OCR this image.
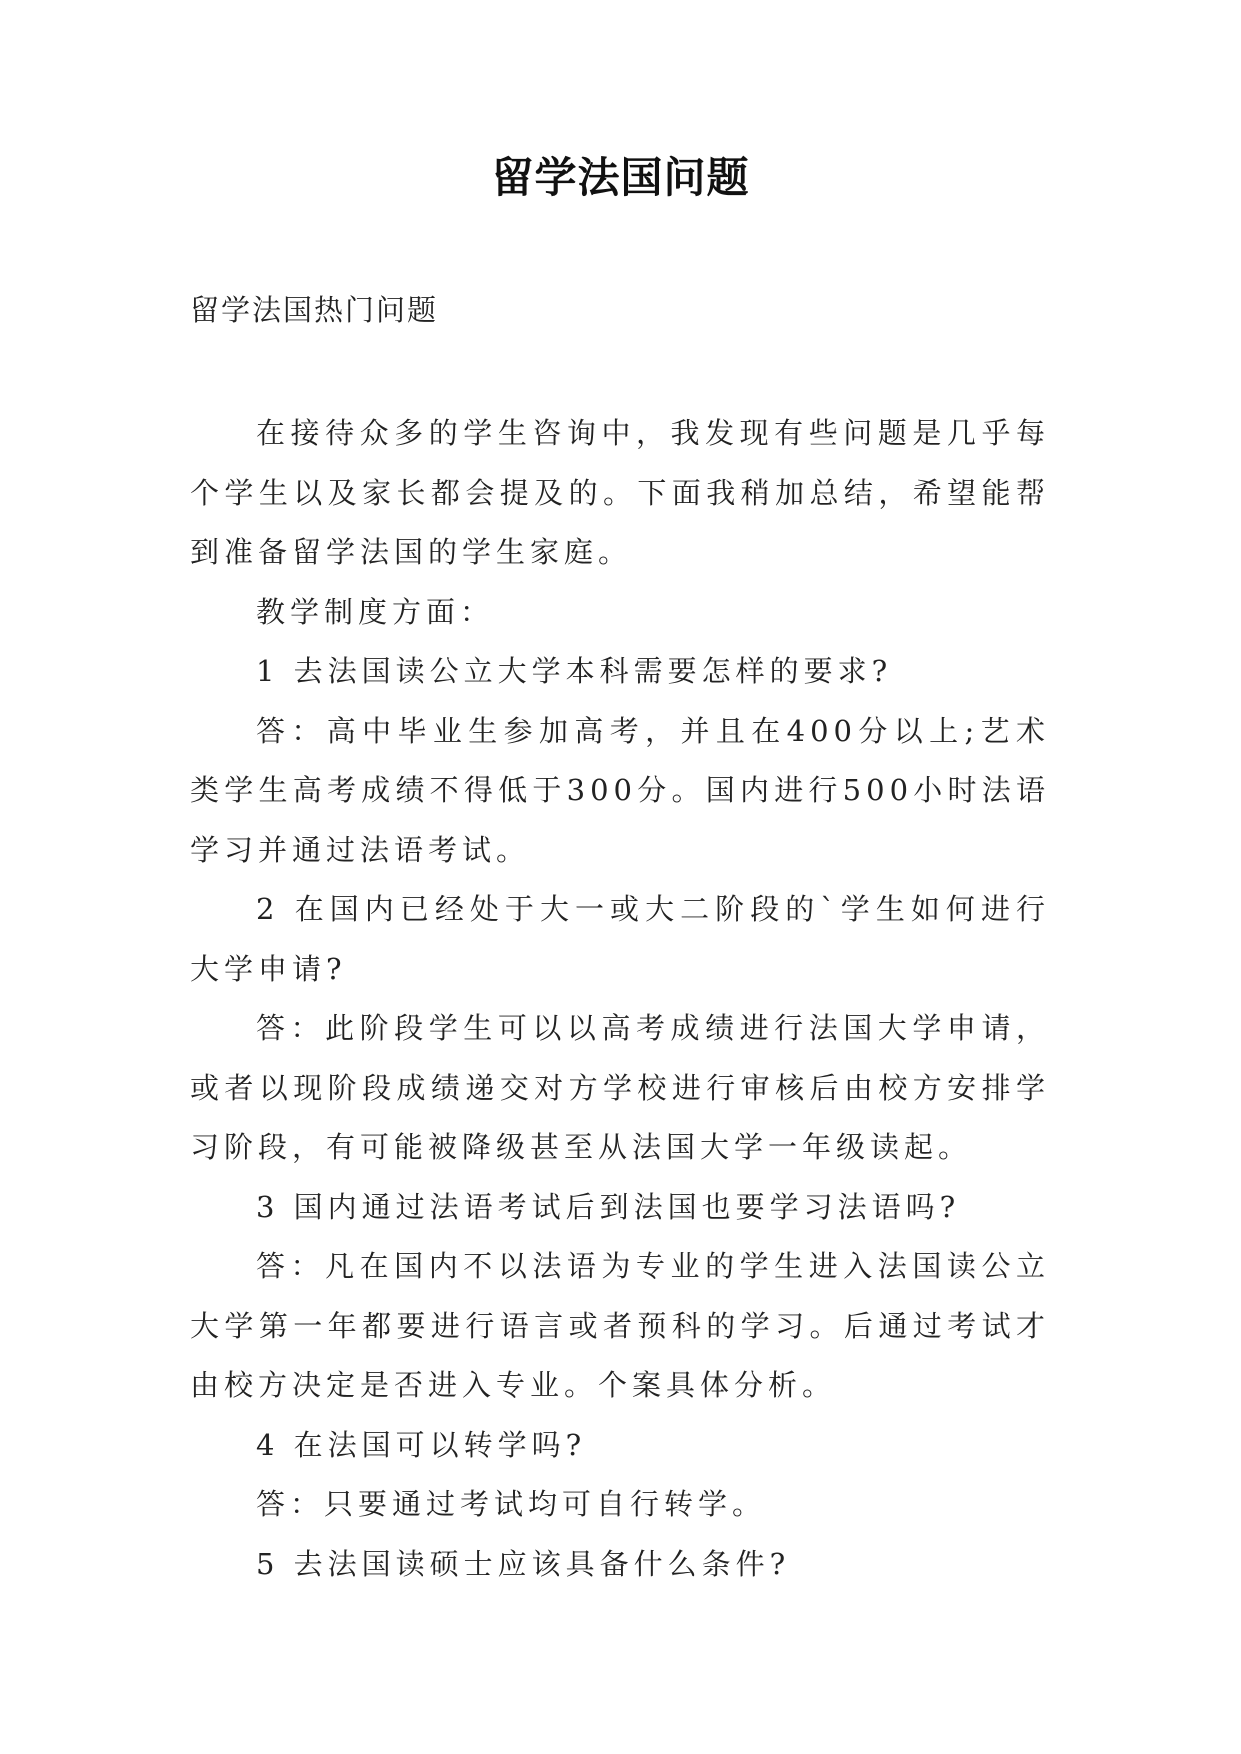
留学法国问题
留学法国热门问题

在接待众多的学生咨询中，我发现有些问题是几乎每个学生以及家长都会提及的。下面我稍加总结，希望能帮到准备留学法国的学生家庭。

教学制度方面：

1 去法国读公立大学本科需要怎样的要求?

答：高中毕业生参加高考，并且在400分以上;艺术类学生高考成绩不得低于300分。国内进行500小时法语学习并通过法语考试。

2 在国内已经处于大一或大二阶段的`学生如何进行大学申请?

答：此阶段学生可以以高考成绩进行法国大学申请，或者以现阶段成绩递交对方学校进行审核后由校方安排学习阶段，有可能被降级甚至从法国大学一年级读起。

3 国内通过法语考试后到法国也要学习法语吗?

答：凡在国内不以法语为专业的学生进入法国读公立大学第一年都要进行语言或者预科的学习。后通过考试才由校方决定是否进入专业。个案具体分析。

4 在法国可以转学吗?

答：只要通过考试均可自行转学。

5 去法国读硕士应该具备什么条件?
